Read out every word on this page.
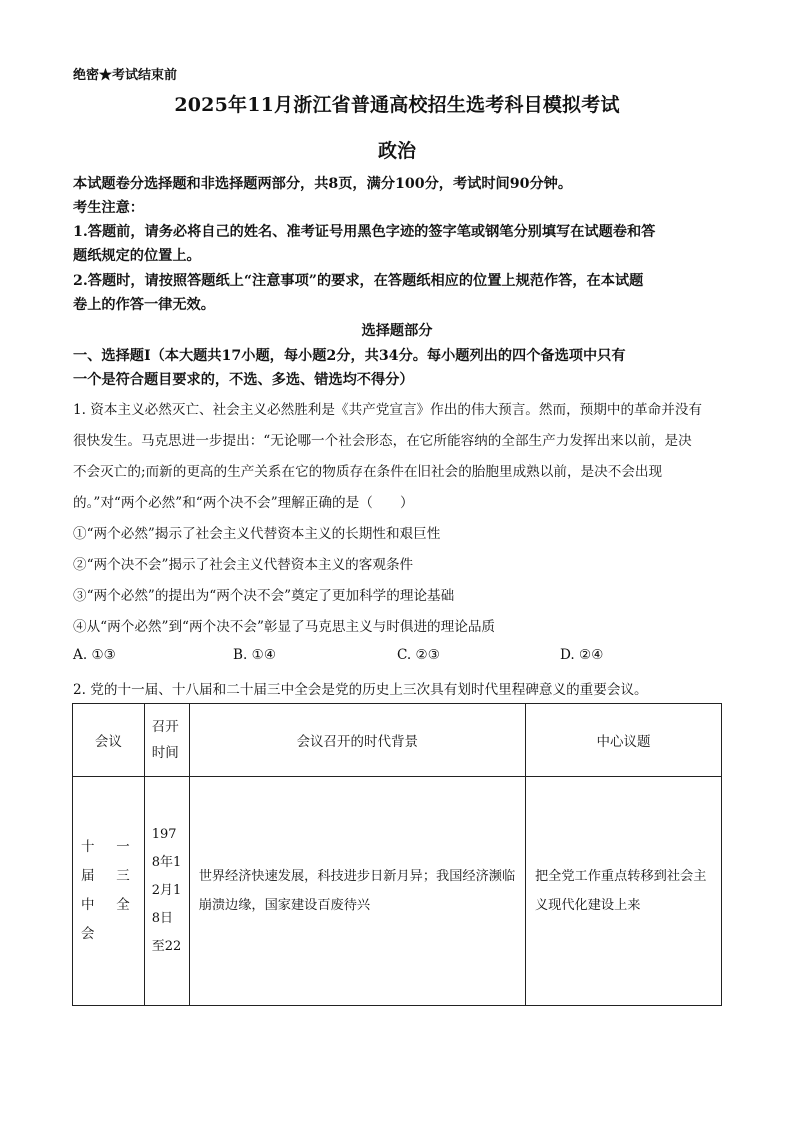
绝密★考试结束前
2025年11月浙江省普通高校招生选考科目模拟考试
政治
本试题卷分选择题和非选择题两部分，共8页，满分100分，考试时间90分钟。
考生注意：
1.答题前，请务必将自己的姓名、准考证号用黑色字迹的签字笔或钢笔分别填写在试题卷和答
题纸规定的位置上。
2.答题时，请按照答题纸上“注意事项”的要求，在答题纸相应的位置上规范作答，在本试题
卷上的作答一律无效。
选择题部分
一、选择题Ⅰ（本大题共17小题，每小题2分，共34分。每小题列出的四个备选项中只有
一个是符合题目要求的，不选、多选、错选均不得分）
1. 资本主义必然灭亡、社会主义必然胜利是《共产党宣言》作出的伟大预言。然而，预期中的革命并没有
很快发生。马克思进一步提出：“无论哪一个社会形态，在它所能容纳的全部生产力发挥出来以前，是决
不会灭亡的;而新的更高的生产关系在它的物质存在条件在旧社会的胎胞里成熟以前，是决不会出现
的。”对“两个必然”和“两个决不会”理解正确的是（　　）
①“两个必然”揭示了社会主义代替资本主义的长期性和艰巨性
②“两个决不会”揭示了社会主义代替资本主义的客观条件
③“两个必然”的提出为“两个决不会”奠定了更加科学的理论基础
④从“两个必然”到“两个决不会”彰显了马克思主义与时俱进的理论品质
A. ①③	B. ①④	C. ②③	D. ②④
2. 党的十一届、十八届和二十届三中全会是党的历史上三次具有划时代里程碑意义的重要会议。
会议	召开时间	会议召开的时代背景	中心议题

十一届三中全会	1978年12月18日至22	世界经济快速发展，科技进步日新月异；我国经济濒临崩溃边缘，国家建设百废待兴	把全党工作重点转移到社会主义现代化建设上来
